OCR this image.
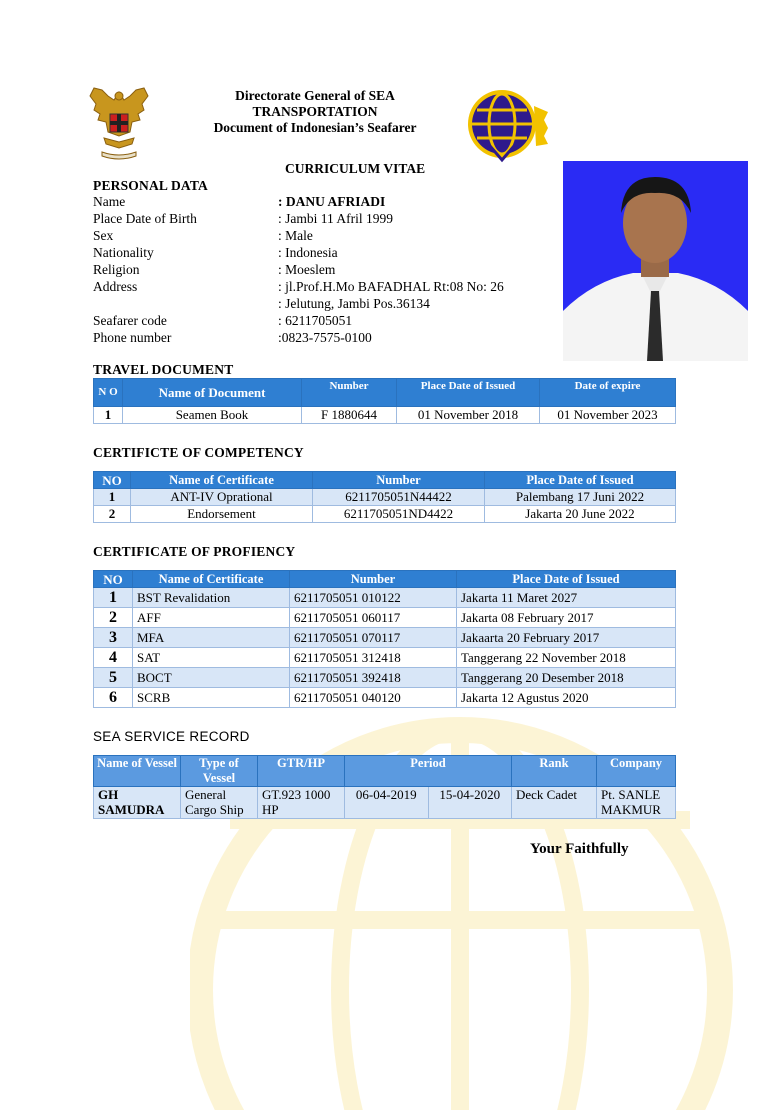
Directorate General of SEA
TRANSPORTATION
Document of Indonesian’s Seafarer
CURRICULUM VITAE
PERSONAL DATA
Name	: DANU AFRIADI
Place Date of Birth	: Jambi 11 Afril 1999
Sex	: Male
Nationality	: Indonesia
Religion	: Moeslem
Address	: jl.Prof.H.Mo BAFADHAL Rt:08 No: 26
: Jelutung, Jambi Pos.36134
Seafarer code	: 6211705051
Phone number	:0823-7575-0100
TRAVEL DOCUMENT
N O	Name of Document	Number	Place Date of Issued	Date of expire
1	Seamen Book	F 1880644	01 November 2018	01 November 2023
CERTIFICTE OF COMPETENCY
NO	Name of Certificate	Number	Place Date of Issued
1	ANT-IV Oprational	6211705051N44422	Palembang 17 Juni 2022
2	Endorsement	6211705051ND4422	Jakarta 20 June 2022
CERTIFICATE OF PROFIENCY
NO	Name of Certificate	Number	Place Date of Issued
1	BST Revalidation	6211705051 010122	Jakarta 11 Maret 2027
2	AFF	6211705051 060117	Jakarta 08 February 2017
3	MFA	6211705051 070117	Jakaarta 20 February 2017
4	SAT	6211705051 312418	Tanggerang 22 November 2018
5	BOCT	6211705051 392418	Tanggerang 20 Desember 2018
6	SCRB	6211705051 040120	Jakarta 12 Agustus 2020
SEA SERVICE RECORD
Name of Vessel	Type of Vessel	GTR/HP	Period		Rank	Company
GH SAMUDRA	General Cargo Ship	GT.923 1000 HP	06-04-2019	15-04-2020	Deck Cadet	Pt. SANLE MAKMUR
Your Faithfully
